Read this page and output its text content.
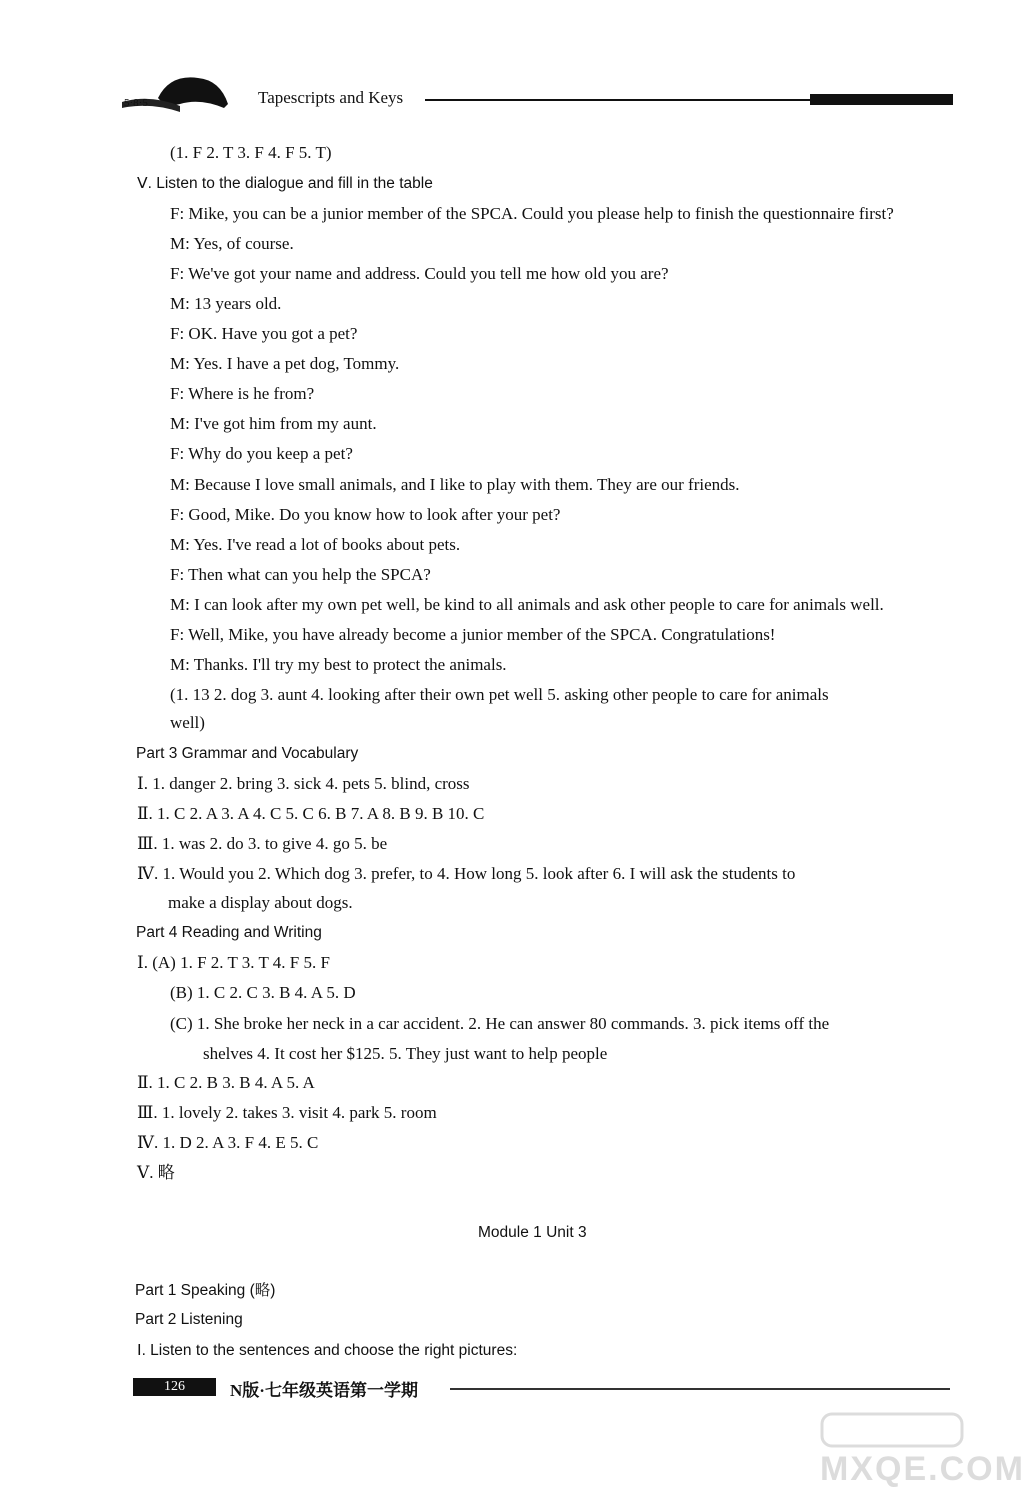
5·8·5	Tapescripts and Keys
(1. F 2. T 3. F 4. F 5. T)
Ⅴ. Listen to the dialogue and fill in the table
F: Mike, you can be a junior member of the SPCA. Could you please help to finish the questionnaire first?
M: Yes, of course.
F: We've got your name and address. Could you tell me how old you are?
M: 13 years old.
F: OK. Have you got a pet?
M: Yes. I have a pet dog, Tommy.
F: Where is he from?
M: I've got him from my aunt.
F: Why do you keep a pet?
M: Because I love small animals, and I like to play with them. They are our friends.
F: Good, Mike. Do you know how to look after your pet?
M: Yes. I've read a lot of books about pets.
F: Then what can you help the SPCA?
M: I can look after my own pet well, be kind to all animals and ask other people to care for animals well.
F: Well, Mike, you have already become a junior member of the SPCA. Congratulations!
M: Thanks. I'll try my best to protect the animals.
(1. 13 2. dog 3. aunt 4. looking after their own pet well 5. asking other people to care for animals
well)
Part 3 Grammar and Vocabulary
Ⅰ. 1. danger 2. bring 3. sick 4. pets 5. blind, cross
Ⅱ. 1. C 2. A 3. A 4. C 5. C 6. B 7. A 8. B 9. B 10. C
Ⅲ. 1. was 2. do 3. to give 4. go 5. be
Ⅳ. 1. Would you 2. Which dog 3. prefer, to 4. How long 5. look after 6. I will ask the students to
make a display about dogs.
Part 4 Reading and Writing
Ⅰ. (A) 1. F 2. T 3. T 4. F 5. F
(B) 1. C 2. C 3. B 4. A 5. D
(C) 1. She broke her neck in a car accident. 2. He can answer 80 commands. 3. pick items off the
shelves 4. It cost her $125. 5. They just want to help people
Ⅱ. 1. C 2. B 3. B 4. A 5. A
Ⅲ. 1. lovely 2. takes 3. visit 4. park 5. room
Ⅳ. 1. D 2. A 3. F 4. E 5. C
Ⅴ. 略
Module 1 Unit 3
Part 1 Speaking (略)
Part 2 Listening
Ⅰ. Listen to the sentences and choose the right pictures:
126	N版·七年级英语第一学期
MXQE.COM
